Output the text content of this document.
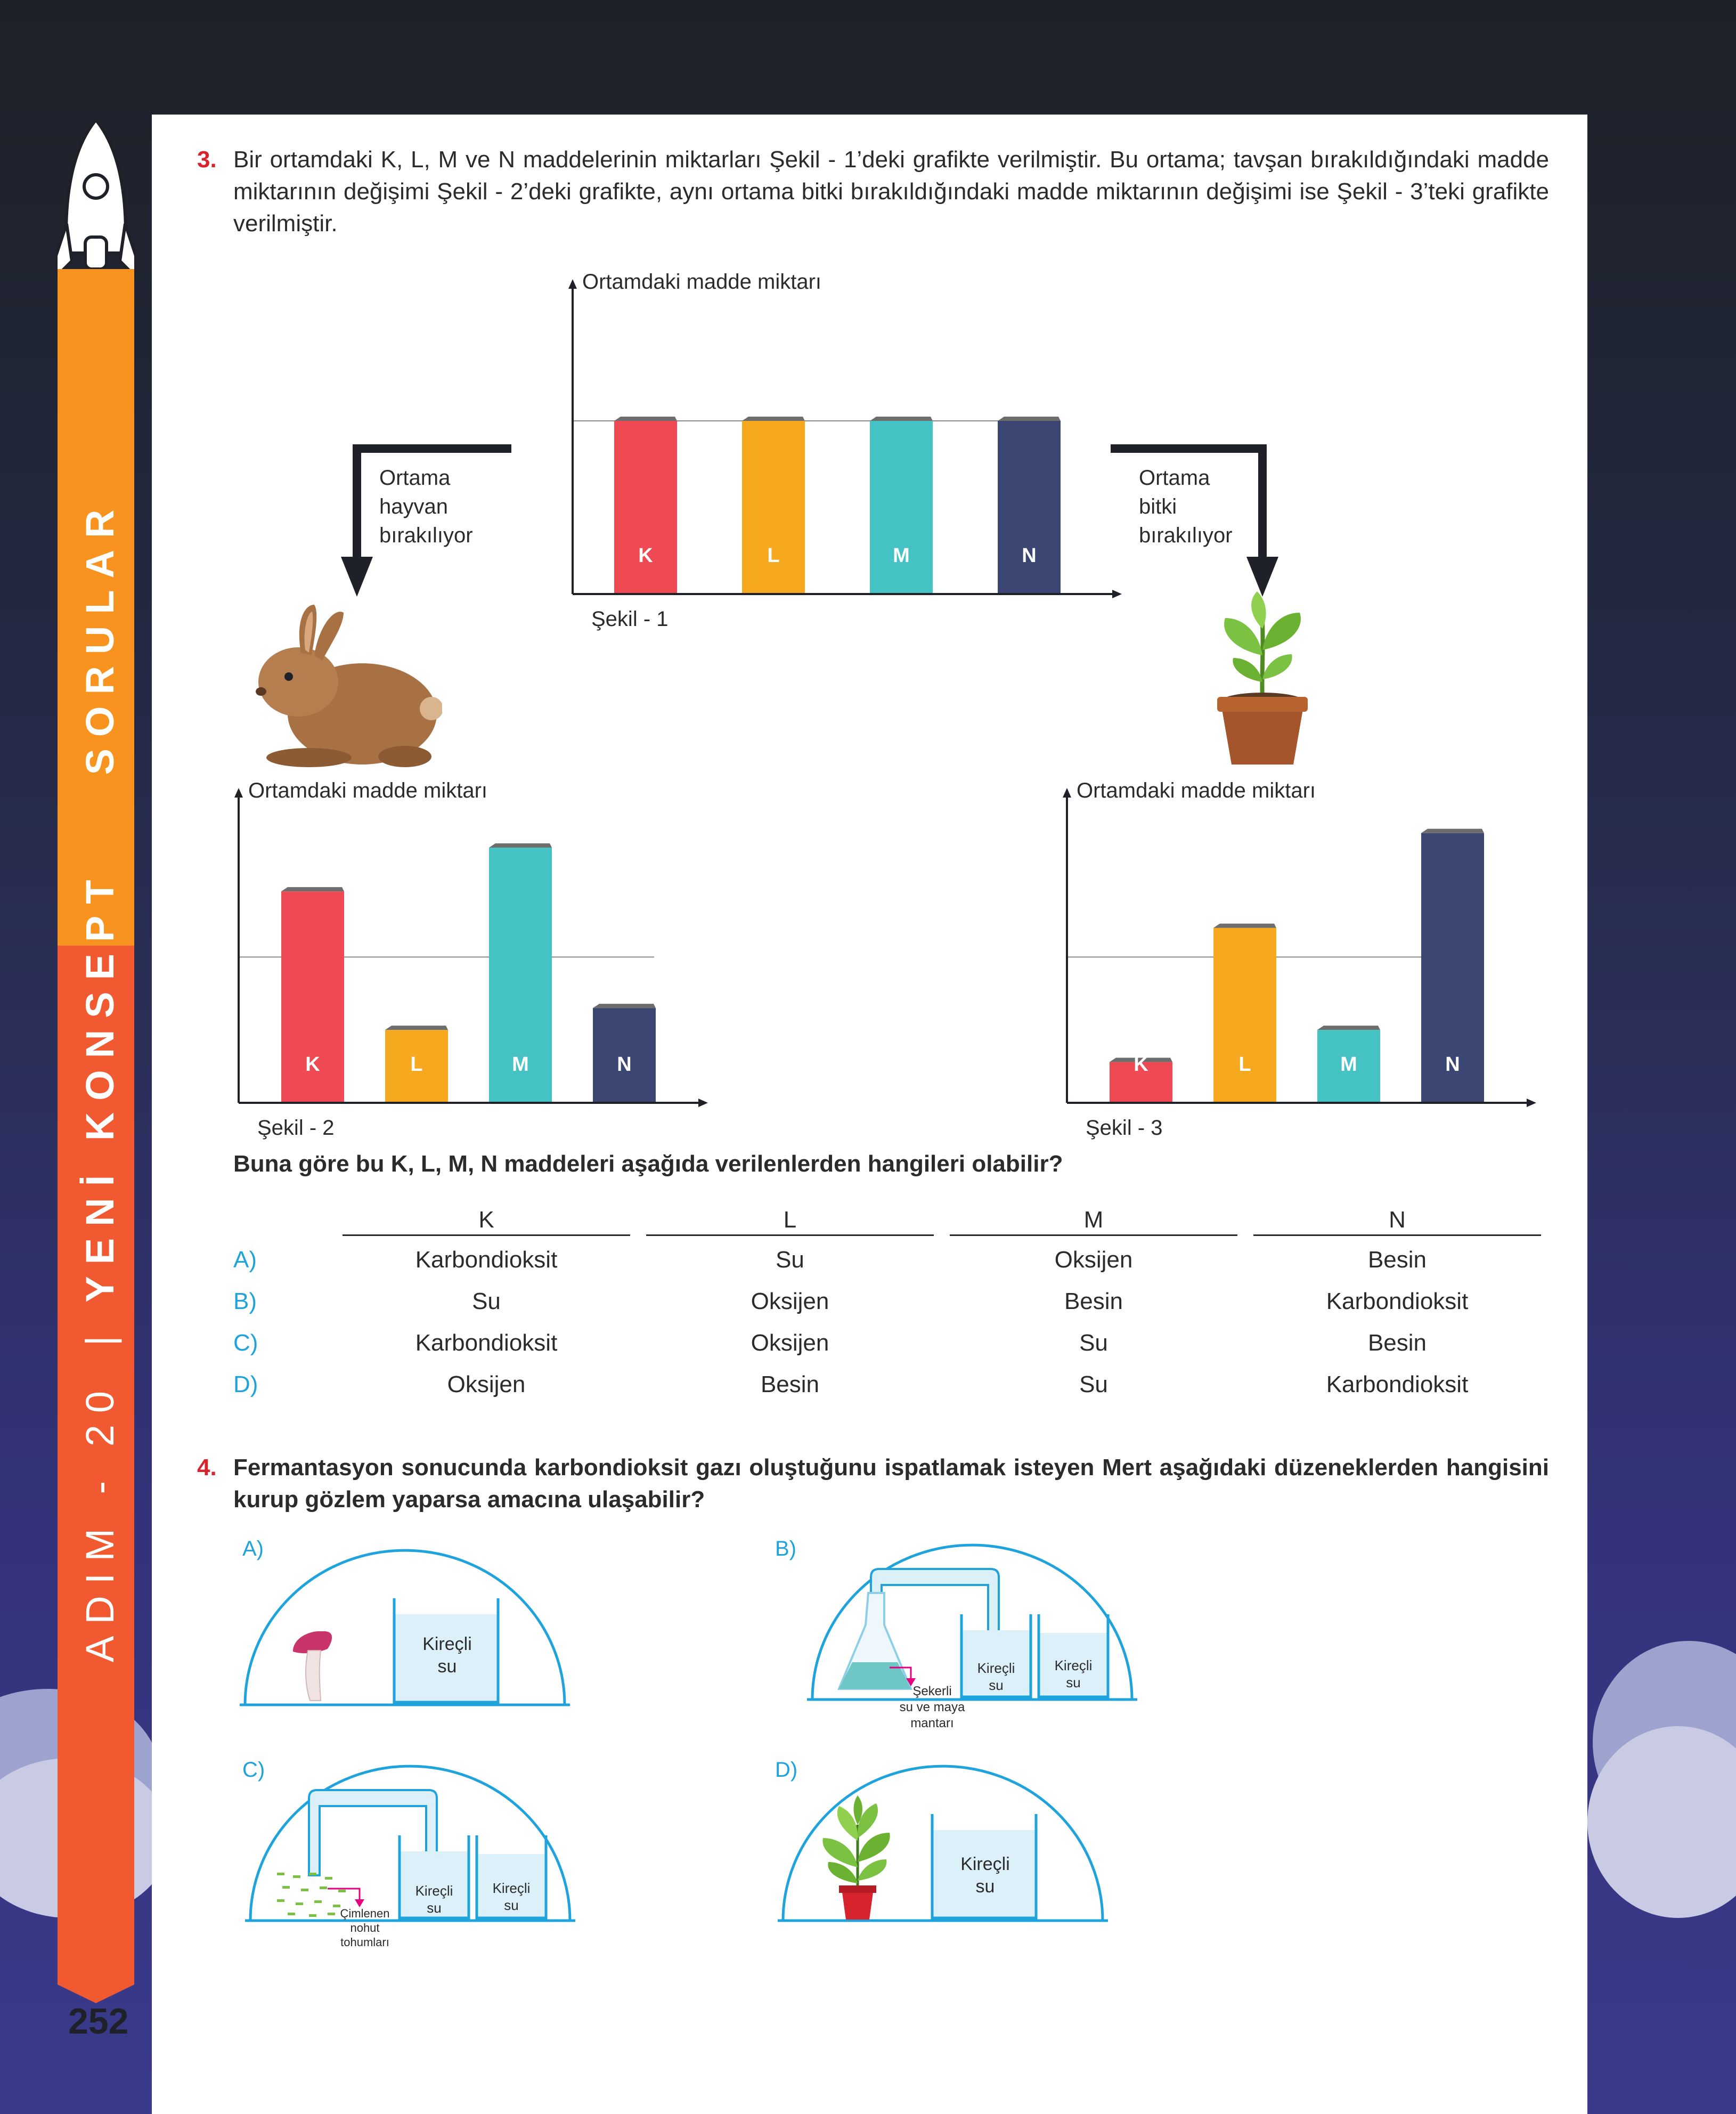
ADIM - 20 | YENİ KONSEPT  SORULAR
252
3. Bir ortamdaki K, L, M ve N maddelerinin miktarları Şekil - 1’deki grafikte verilmiştir. Bu ortama; tavşan bırakıldığındaki madde miktarının değişimi Şekil - 2’deki grafikte, aynı ortama bitki bırakıldığındaki madde miktarının değişimi ise Şekil - 3’teki grafikte verilmiştir.
K	L	M	N
Ortamdaki madde miktarı
Şekil - 1
K	L	M	N
Ortamdaki madde miktarı
Şekil - 2
K	L	M	N
Ortamdaki madde miktarı
Şekil - 3
Ortama
hayvan
bırakılıyor
Ortama
bitki
bırakılıyor
Buna göre bu K, L, M, N maddeleri aşağıda verilenlerden hangileri olabilir?
K	L	M	N
A)	Karbondioksit	Su	Oksijen	Besin
B)	Su	Oksijen	Besin	Karbondioksit
C)	Karbondioksit	Oksijen	Su	Besin
D)	Oksijen	Besin	Su	Karbondioksit
4. Fermantasyon sonucunda karbondioksit gazı oluştuğunu ispatlamak isteyen Mert aşağıdaki düzeneklerden hangisini kurup gözlem yaparsa amacına ulaşabilir?
A)
Kireçli
su
B)
Kireçli
su
Kireçli
su
Şekerli
su ve maya
mantarı
C)
Kireçli
su
Kireçli
su
Çimlenen
nohut
tohumları
D)
Kireçli
su
